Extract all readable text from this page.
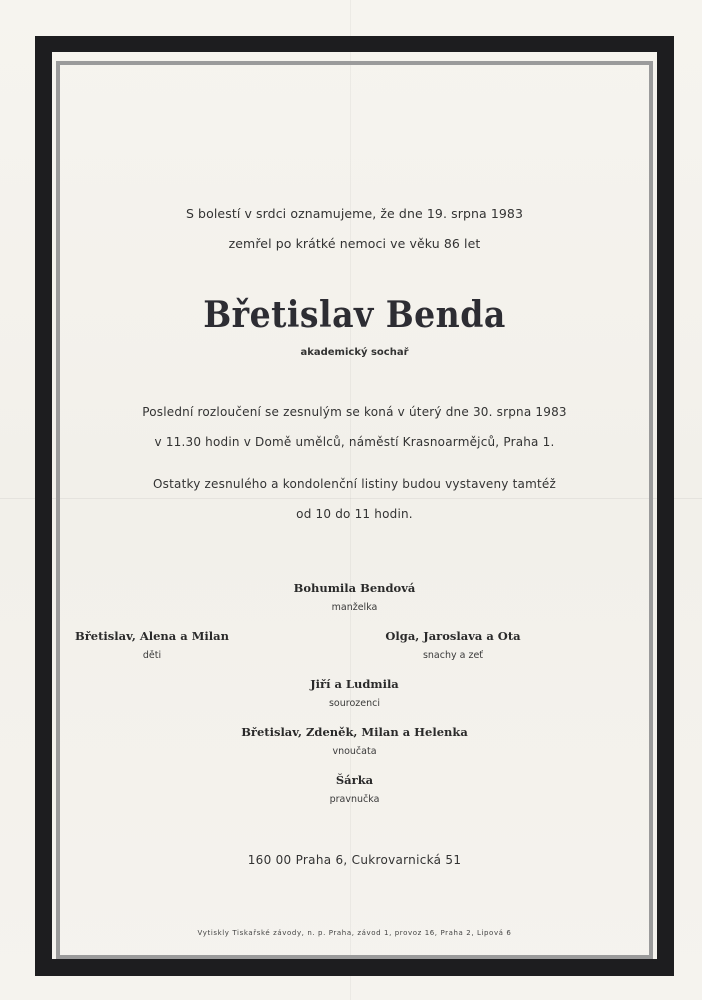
S bolestí v srdci oznamujeme, že dne 19. srpna 1983
zemřel po krátké nemoci ve věku 86 let
Břetislav Benda
akademický sochař
Poslední rozloučení se zesnulým se koná v úterý dne 30. srpna 1983
v 11.30 hodin v Domě umělců, náměstí Krasnoarmějců, Praha 1.
Ostatky zesnulého a kondolenční listiny budou vystaveny tamtéž
od 10 do 11 hodin.
Bohumila Bendová
manželka
Břetislav, Alena a Milan
děti
Olga, Jaroslava a Ota
snachy a zeť
Jiří a Ludmila
sourozenci
Břetislav, Zdeněk, Milan a Helenka
vnoučata
Šárka
pravnučka
160 00 Praha 6, Cukrovarnická 51
Vytiskly Tiskařské závody, n. p. Praha, závod 1, provoz 16, Praha 2, Lipová 6
